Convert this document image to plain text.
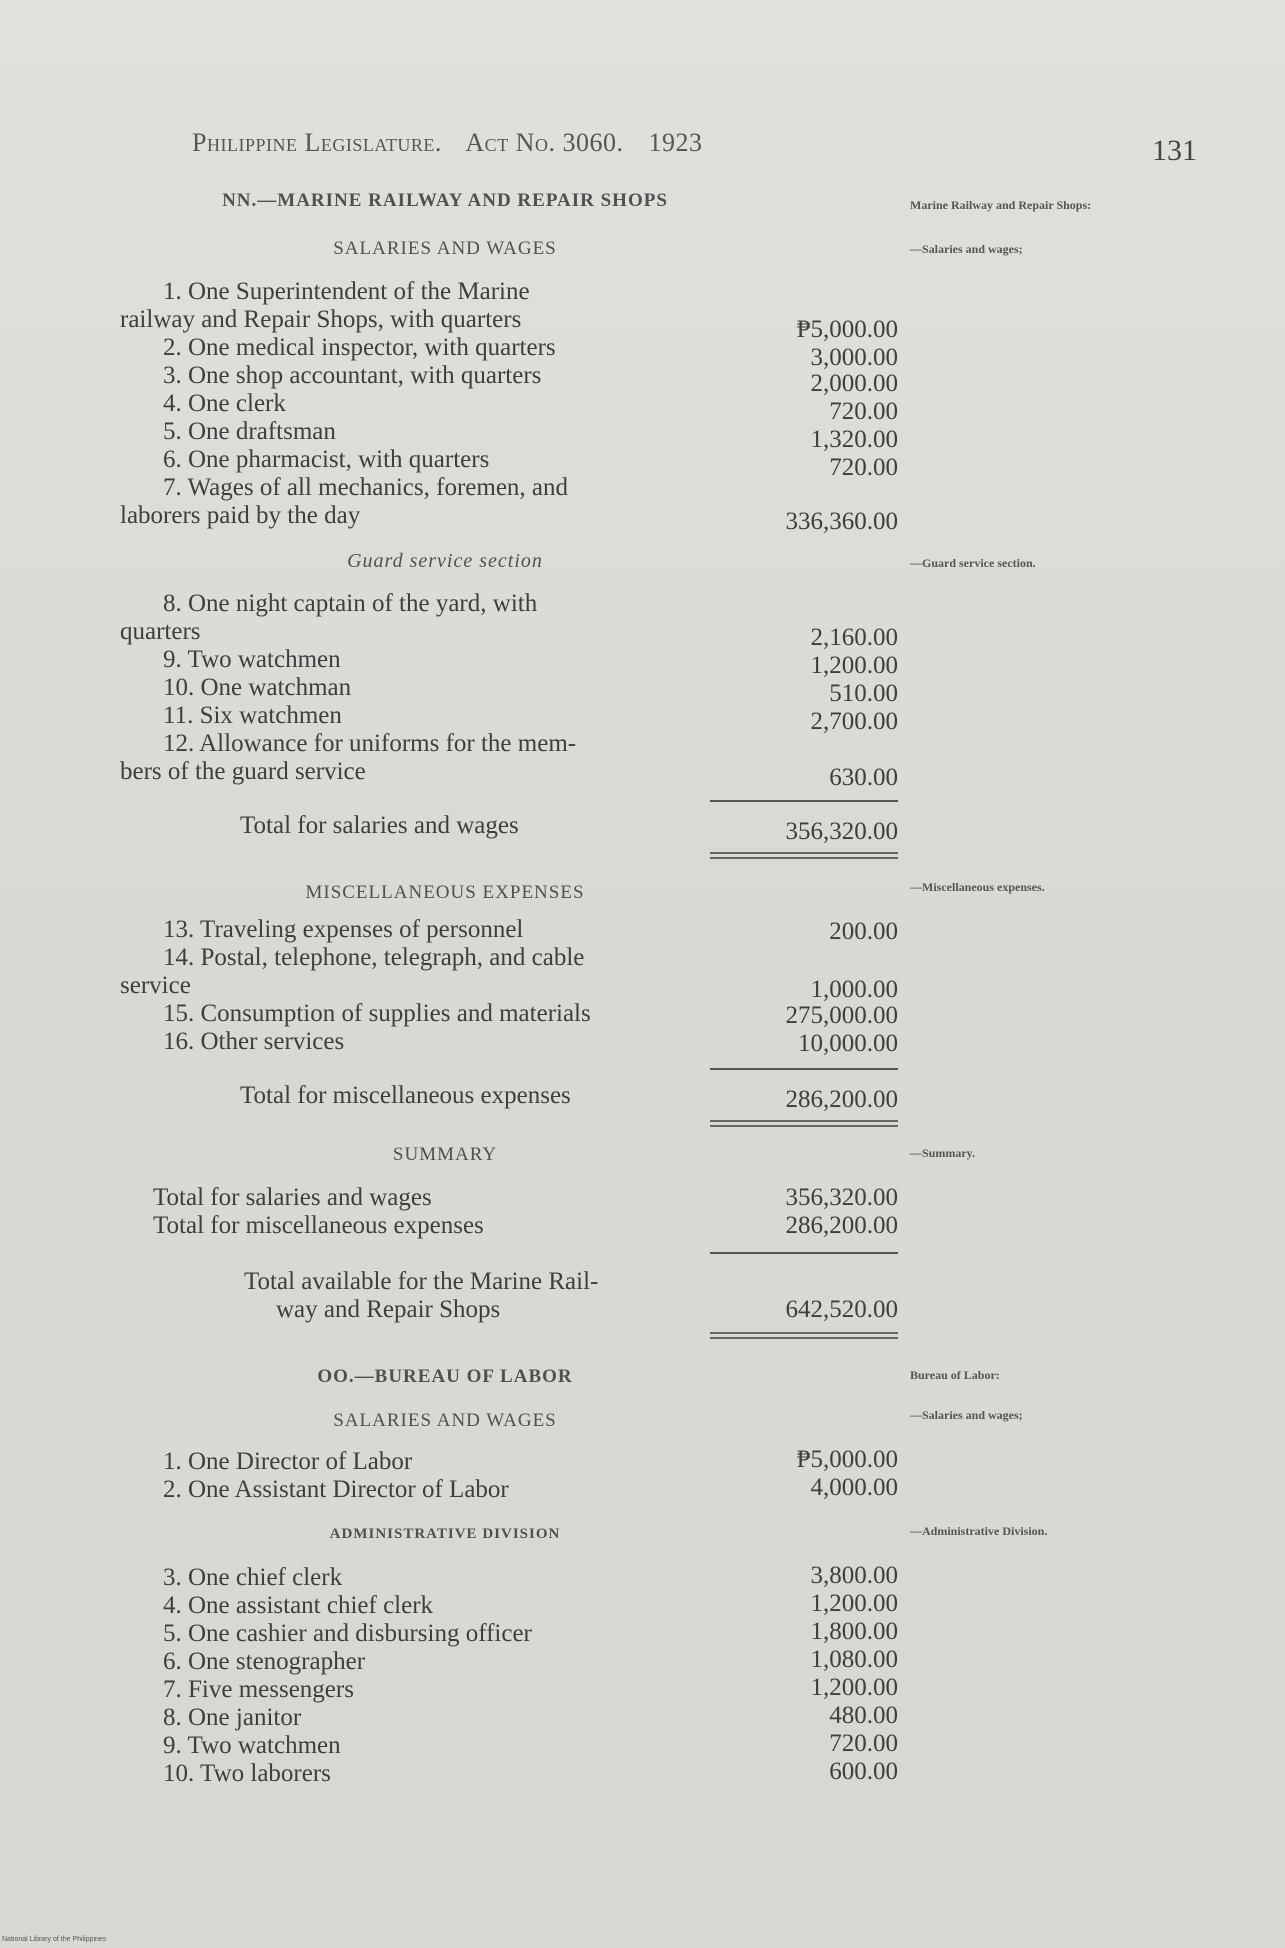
Philippine Legislature. Act No. 3060. 1923	131
NN.—MARINE RAILWAY AND REPAIR SHOPS	Marine Railway and Repair Shops:
SALARIES AND WAGES	—Salaries and wages;
1. One Superintendent of the Marine
railway and Repair Shops, with quarters	₱5,000.00
2. One medical inspector, with quarters	3,000.00
3. One shop accountant, with quarters	2,000.00
4. One clerk	720.00
5. One draftsman	1,320.00
6. One pharmacist, with quarters	720.00
7. Wages of all mechanics, foremen, and
laborers paid by the day	336,360.00
Guard service section	—Guard service section.
8. One night captain of the yard, with
quarters	2,160.00
9. Two watchmen	1,200.00
10. One watchman	510.00
11. Six watchmen	2,700.00
12. Allowance for uniforms for the mem-
bers of the guard service	630.00
Total for salaries and wages	356,320.00
MISCELLANEOUS EXPENSES	—Miscellaneous expenses.
13. Traveling expenses of personnel	200.00
14. Postal, telephone, telegraph, and cable
service	1,000.00
15. Consumption of supplies and materials	275,000.00
16. Other services	10,000.00
Total for miscellaneous expenses	286,200.00
SUMMARY	—Summary.
Total for salaries and wages	356,320.00
Total for miscellaneous expenses	286,200.00
Total available for the Marine Rail-
way and Repair Shops	642,520.00
OO.—BUREAU OF LABOR	Bureau of Labor:
SALARIES AND WAGES	—Salaries and wages;
1. One Director of Labor	₱5,000.00
2. One Assistant Director of Labor	4,000.00
ADMINISTRATIVE DIVISION	—Administrative Division.
3. One chief clerk	3,800.00
4. One assistant chief clerk	1,200.00
5. One cashier and disbursing officer	1,800.00
6. One stenographer	1,080.00
7. Five messengers	1,200.00
8. One janitor	480.00
9. Two watchmen	720.00
10. Two laborers	600.00
National Library of the Philippines
